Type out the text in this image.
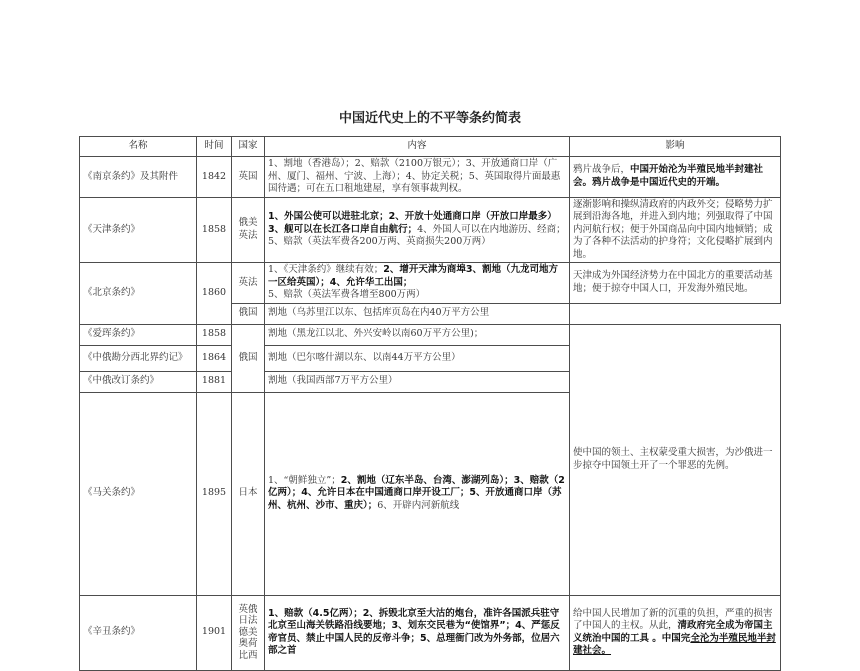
中国近代史上的不平等条约简表
名称	时间	国家	内容	影响	
《南京条约》及其附件	1842	英国	1、割地（香港岛）；2、赔款（2100万银元）；3、开放通商口岸（广州、厦门、福州、宁波、上海）；4、协定关税；5、英国取得片面最惠国待遇；可在五口租地建屋，享有领事裁判权。	鸦片战争后，中国开始沦为半殖民地半封建社会。鸦片战争是中国近代史的开端。	
《天津条约》	1858	俄美英法	1、外国公使可以进驻北京；2、开放十处通商口岸（开放口岸最多）3、舰可以在长江各口岸自由航行；4、外国人可以在内地游历、经商；5、赔款（英法军费各200万两、英商损失200万两）	逐渐影响和操纵清政府的内政外交；侵略势力扩展到沿海各地，并进入到内地；列强取得了中国内河航行权；便于外国商品向中国内地倾销；成为了各种不法活动的护身符；文化侵略扩展到内地。	
《北京条约》	1860	英法	1、《天津条约》继续有效；2、增开天津为商埠3、割地（九龙司地方一区给英国）；4、允许华工出国；5、赔款（英法军费各增至800万两）	天津成为外国经济势力在中国北方的重要活动基地；便于掠夺中国人口，开发海外殖民地。	
		俄国	割地（乌苏里江以东、包括库页岛在内40万平方公里		
《爱珲条约》	1858	俄国	割地（黑龙江以北、外兴安岭以南60万平方公里)；	使中国的领土、主权蒙受重大损害，为沙俄进一步掠夺中国领土开了一个罪恶的先例。	
《中俄勘分西北界约记》	1864		割地（巴尔喀什湖以东、以南44万平方公里）		
《中俄改订条约》	1881		割地（我国西部7万平方公里）		
《马关条约》	1895	日本	1、“朝鲜独立”；2、割地（辽东半岛、台湾、澎湖列岛）；3、赔款（2亿两）；4、允许日本在中国通商口岸开设工厂；5、开放通商口岸（苏州、杭州、沙市、重庆）；6、开辟内河新航线	
《辛丑条约》	1901	英俄日法德美奥荷比西	1、赔款（4.5亿两）；2、拆毁北京至大沽的炮台，准许各国派兵驻守北京至山海关铁路沿线要地；3、划东交民巷为“使馆界”；4、严惩反帝官员、禁止中国人民的反帝斗争；5、总理衙门改为外务部，位居六部之首	给中国人民增加了新的沉重的负担，严重的损害了中国人的主权。从此，清政府完全成为帝国主义统治中国的工具 。中国完全沦为半殖民地半封建社会。	
